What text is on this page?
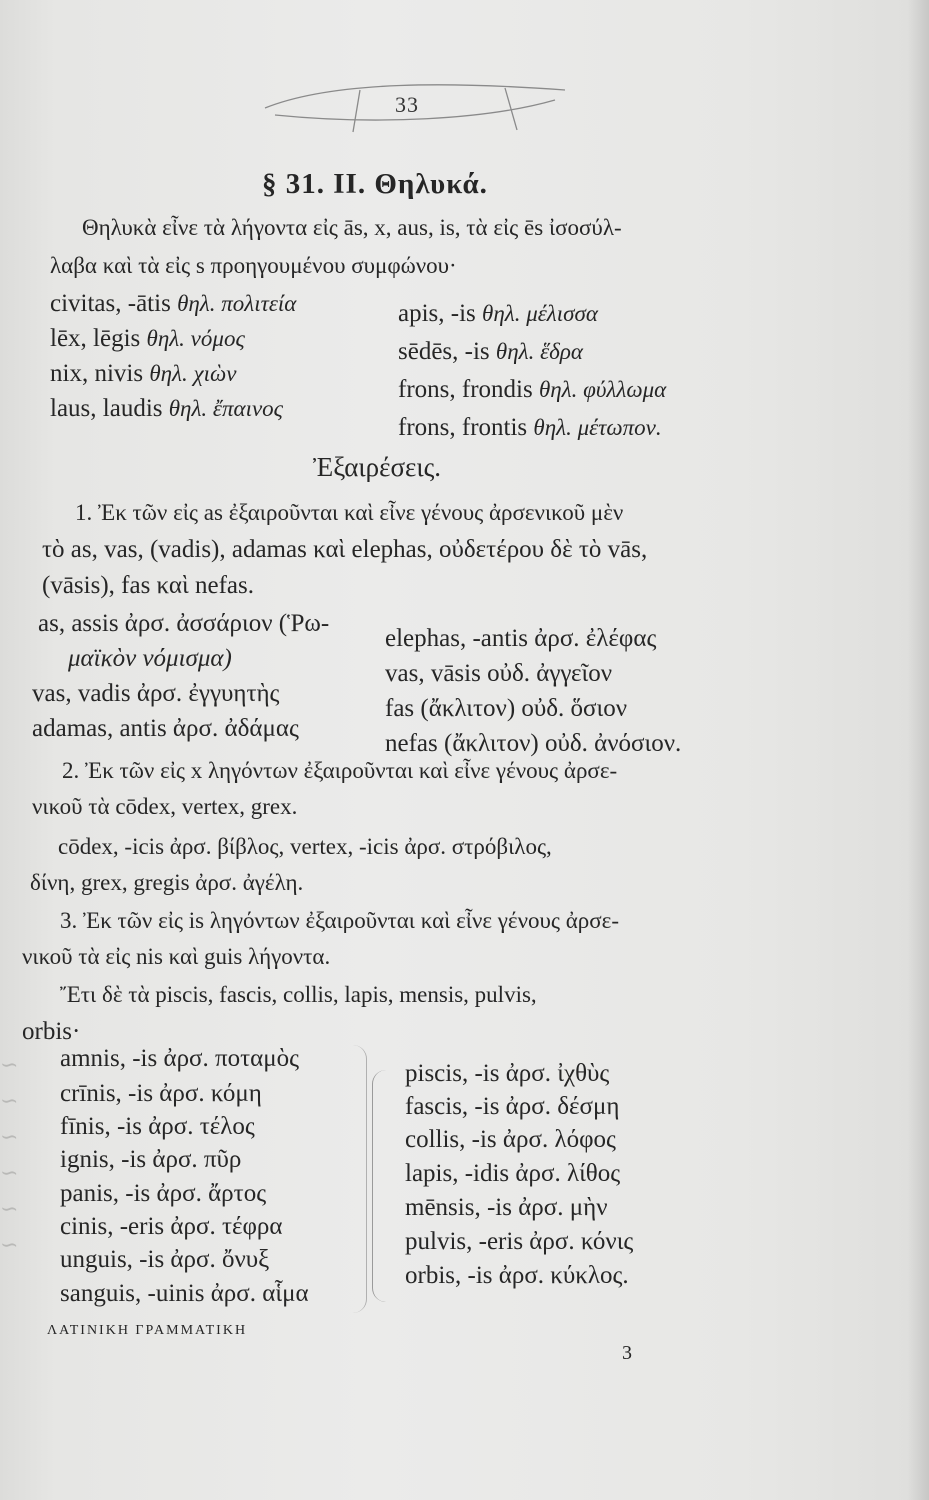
33
§ 31. ΙΙ. Θηλυκά.
Θηλυκὰ εἶνε τὰ λήγοντα εἰς ās, x, aus, is, τὰ εἰς ēs ἰσοσύλ-
λαβα καὶ τὰ εἰς s προηγουμένου συμφώνου·
civitas, -ātis θηλ. πολιτεία
lēx, lēgis θηλ. νόμος
nix, nivis θηλ. χιὼν
laus, laudis θηλ. ἔπαινος
apis, -is θηλ. μέλισσα
sēdēs, -is θηλ. ἕδρα
frons, frondis θηλ. φύλλωμα
frons, frontis θηλ. μέτωπον.
Ἐξαιρέσεις.
1. Ἐκ τῶν εἰς as ἐξαιροῦνται καὶ εἶνε γένους ἀρσενικοῦ μὲν
τὸ as, vas, (vadis), adamas καὶ elephas, οὐδετέρου δὲ τὸ vās,
(vāsis), fas καὶ nefas.
as, assis ἀρσ. ἀσσάριον (Ῥω-
μαϊκὸν νόμισμα)
vas, vadis ἀρσ. ἐγγυητὴς
adamas, antis ἀρσ. ἀδάμας
elephas, -antis ἀρσ. ἐλέφας
vas, vāsis οὐδ. ἀγγεῖον
fas (ἄκλιτον) οὐδ. ὅσιον
nefas (ἄκλιτον) οὐδ. ἀνόσιον.
2. Ἐκ τῶν εἰς x ληγόντων ἐξαιροῦνται καὶ εἶνε γένους ἀρσε-
νικοῦ τὰ cōdex, vertex, grex.
cōdex, -icis ἀρσ. βίβλος, vertex, -icis ἀρσ. στρόβιλος,
δίνη, grex, gregis ἀρσ. ἀγέλη.
3. Ἐκ τῶν εἰς is ληγόντων ἐξαιροῦνται καὶ εἶνε γένους ἀρσε-
νικοῦ τὰ εἰς nis καὶ guis λήγοντα.
Ἔτι δὲ τὰ piscis, fascis, collis, lapis, mensis, pulvis,
orbis·
∽
∽
∽
∽
∽
∽
amnis, -is ἀρσ. ποταμὸς
crīnis, -is ἀρσ. κόμη
fīnis, -is ἀρσ. τέλος
ignis, -is ἀρσ. πῦρ
panis, -is ἀρσ. ἄρτος
cinis, -eris ἀρσ. τέφρα
unguis, -is ἀρσ. ὄνυξ
sanguis, -uinis ἀρσ. αἷμα
piscis, -is ἀρσ. ἰχθὺς
fascis, -is ἀρσ. δέσμη
collis, -is ἀρσ. λόφος
lapis, -idis ἀρσ. λίθος
mēnsis, -is ἀρσ. μὴν
pulvis, -eris ἀρσ. κόνις
orbis, -is ἀρσ. κύκλος.
ΛΑΤΙΝΙΚΗ ΓΡΑΜΜΑΤΙΚΗ
3
